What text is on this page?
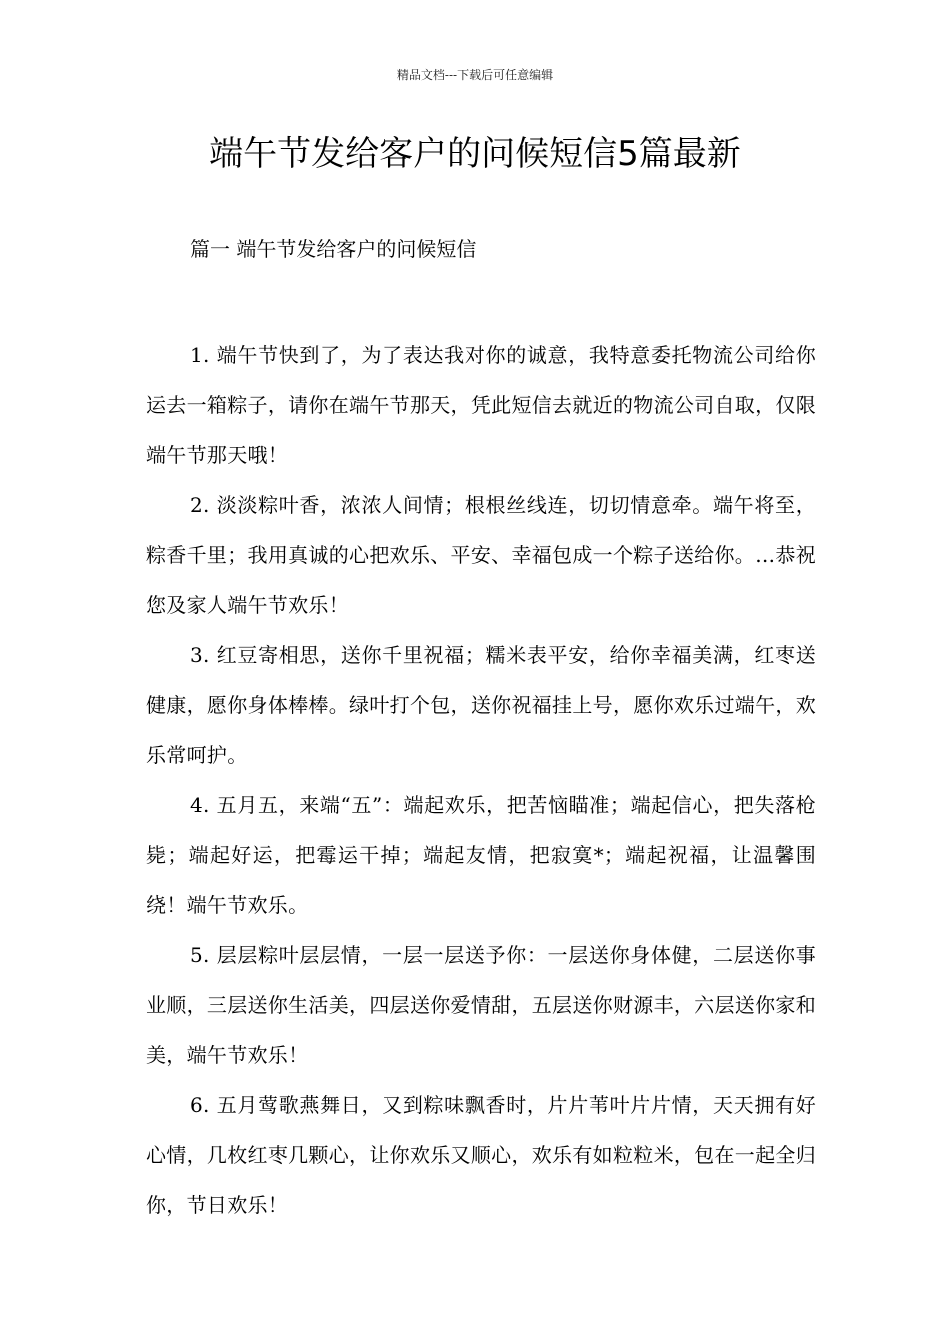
精品文档---下载后可任意编辑
端午节发给客户的问候短信5篇最新
篇一 端午节发给客户的问候短信

1. 端午节快到了，为了表达我对你的诚意，我特意委托物流公司给你运去一箱粽子，请你在端午节那天，凭此短信去就近的物流公司自取，仅限端午节那天哦！

2. 淡淡粽叶香，浓浓人间情；根根丝线连，切切情意牵。端午将至，粽香千里；我用真诚的心把欢乐、平安、幸福包成一个粽子送给你。…恭祝您及家人端午节欢乐！

3. 红豆寄相思，送你千里祝福；糯米表平安，给你幸福美满，红枣送健康，愿你身体棒棒。绿叶打个包，送你祝福挂上号，愿你欢乐过端午，欢乐常呵护。

4. 五月五，来端“五”：端起欢乐，把苦恼瞄准；端起信心，把失落枪毙；端起好运，把霉运干掉；端起友情，把寂寞*；端起祝福，让温馨围绕！端午节欢乐。

5. 层层粽叶层层情，一层一层送予你：一层送你身体健，二层送你事业顺，三层送你生活美，四层送你爱情甜，五层送你财源丰，六层送你家和美，端午节欢乐！

6. 五月莺歌燕舞日，又到粽味飘香时，片片苇叶片片情，天天拥有好心情，几枚红枣几颗心，让你欢乐又顺心，欢乐有如粒粒米，包在一起全归你，节日欢乐！
